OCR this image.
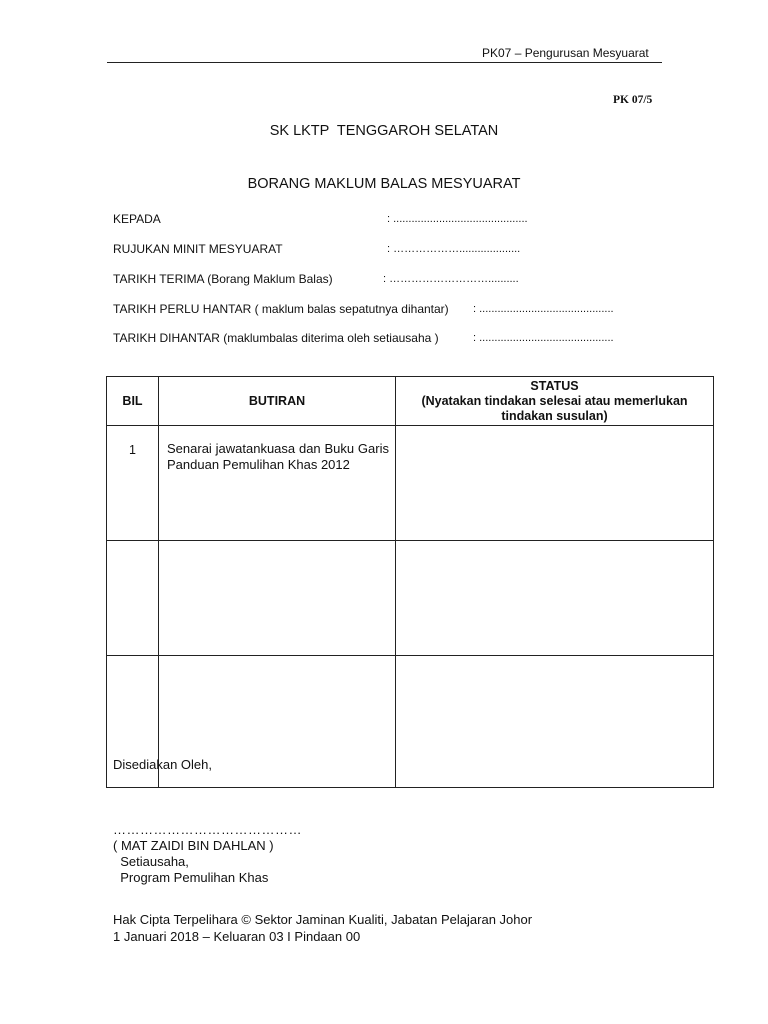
PK07 – Pengurusan Mesyuarat
PK 07/5
SK LKTP  TENGGAROH SELATAN
BORANG MAKLUM BALAS MESYUARAT
KEPADA	: ............................................
RUJUKAN MINIT MESYUARAT	: ………………....................
TARIKH TERIMA (Borang Maklum Balas)	: ………………………..........
TARIKH PERLU HANTAR ( maklum balas sepatutnya dihantar) : ............................................
TARIKH DIHANTAR (maklumbalas diterima oleh setiausaha )	: ............................................
BIL	BUTIRAN	STATUS
(Nyatakan tindakan selesai atau memerlukan tindakan susulan)

1	Senarai jawatankuasa dan Buku Garis Panduan Pemulihan Khas 2012	

Disediakan Oleh,
……………………………………
( MAT ZAIDI BIN DAHLAN )
Setiausaha,
Program Pemulihan Khas
Hak Cipta Terpelihara © Sektor Jaminan Kualiti, Jabatan Pelajaran Johor
1 Januari 2018 – Keluaran 03 I Pindaan 00
